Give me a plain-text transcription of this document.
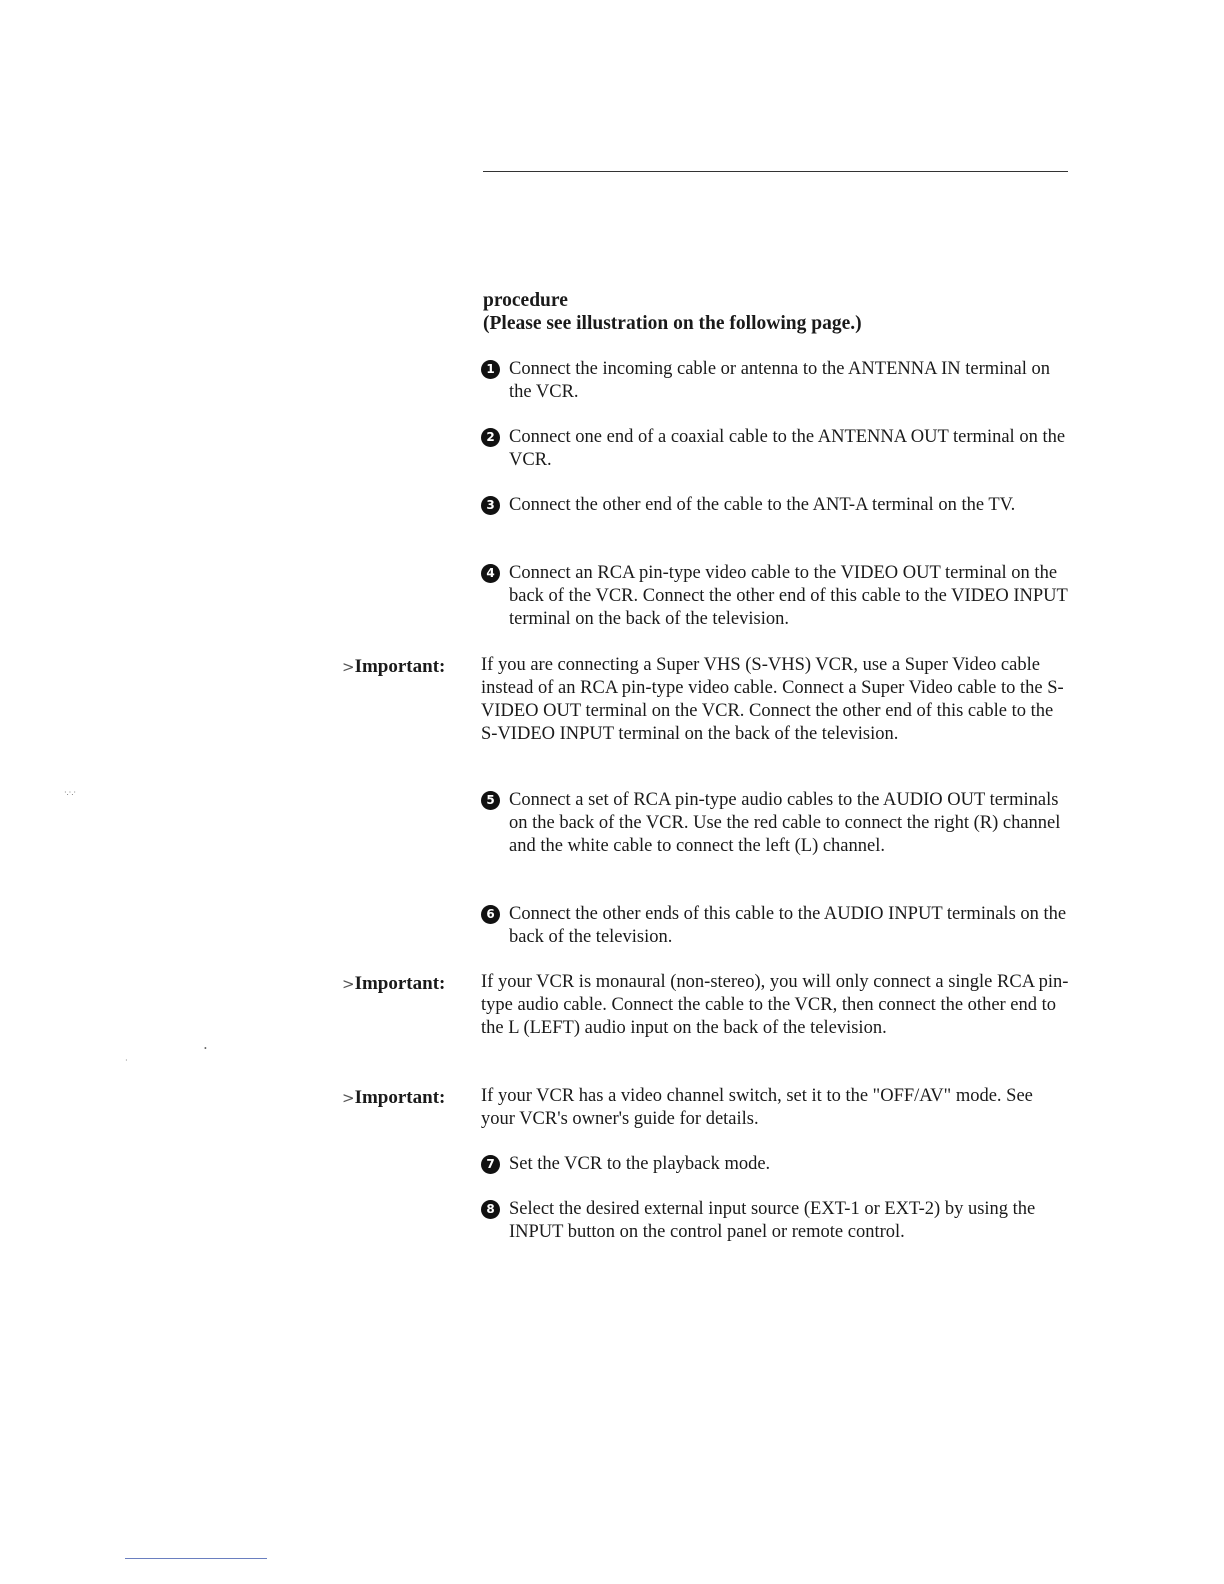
procedure
(Please see illustration on the following page.)
1 Connect the incoming cable or antenna to the ANTENNA IN terminal on the VCR.
2 Connect one end of a coaxial cable to the ANTENNA OUT terminal on the VCR.
3 Connect the other end of the cable to the ANT-A terminal on the TV.
4 Connect an RCA pin-type video cable to the VIDEO OUT terminal on the back of the VCR. Connect the other end of this cable to the VIDEO INPUT terminal on the back of the television.
>Important: If you are connecting a Super VHS (S-VHS) VCR, use a Super Video cable instead of an RCA pin-type video cable. Connect a Super Video cable to the S-VIDEO OUT terminal on the VCR. Connect the other end of this cable to the S-VIDEO INPUT terminal on the back of the television.
·.·.·
5 Connect a set of RCA pin-type audio cables to the AUDIO OUT terminals on the back of the VCR. Use the red cable to connect the right (R) channel and the white cable to connect the left (L) channel.
6 Connect the other ends of this cable to the AUDIO INPUT terminals on the back of the television.
>Important: If your VCR is monaural (non-stereo), you will only connect a single RCA pin-type audio cable. Connect the cable to the VCR, then connect the other end to the L (LEFT) audio input on the back of the television.
•
·
>Important: If your VCR has a video channel switch, set it to the "OFF/AV" mode. See your VCR's owner's guide for details.
7 Set the VCR to the playback mode.
8 Select the desired external input source (EXT-1 or EXT-2) by using the INPUT button on the control panel or remote control.
